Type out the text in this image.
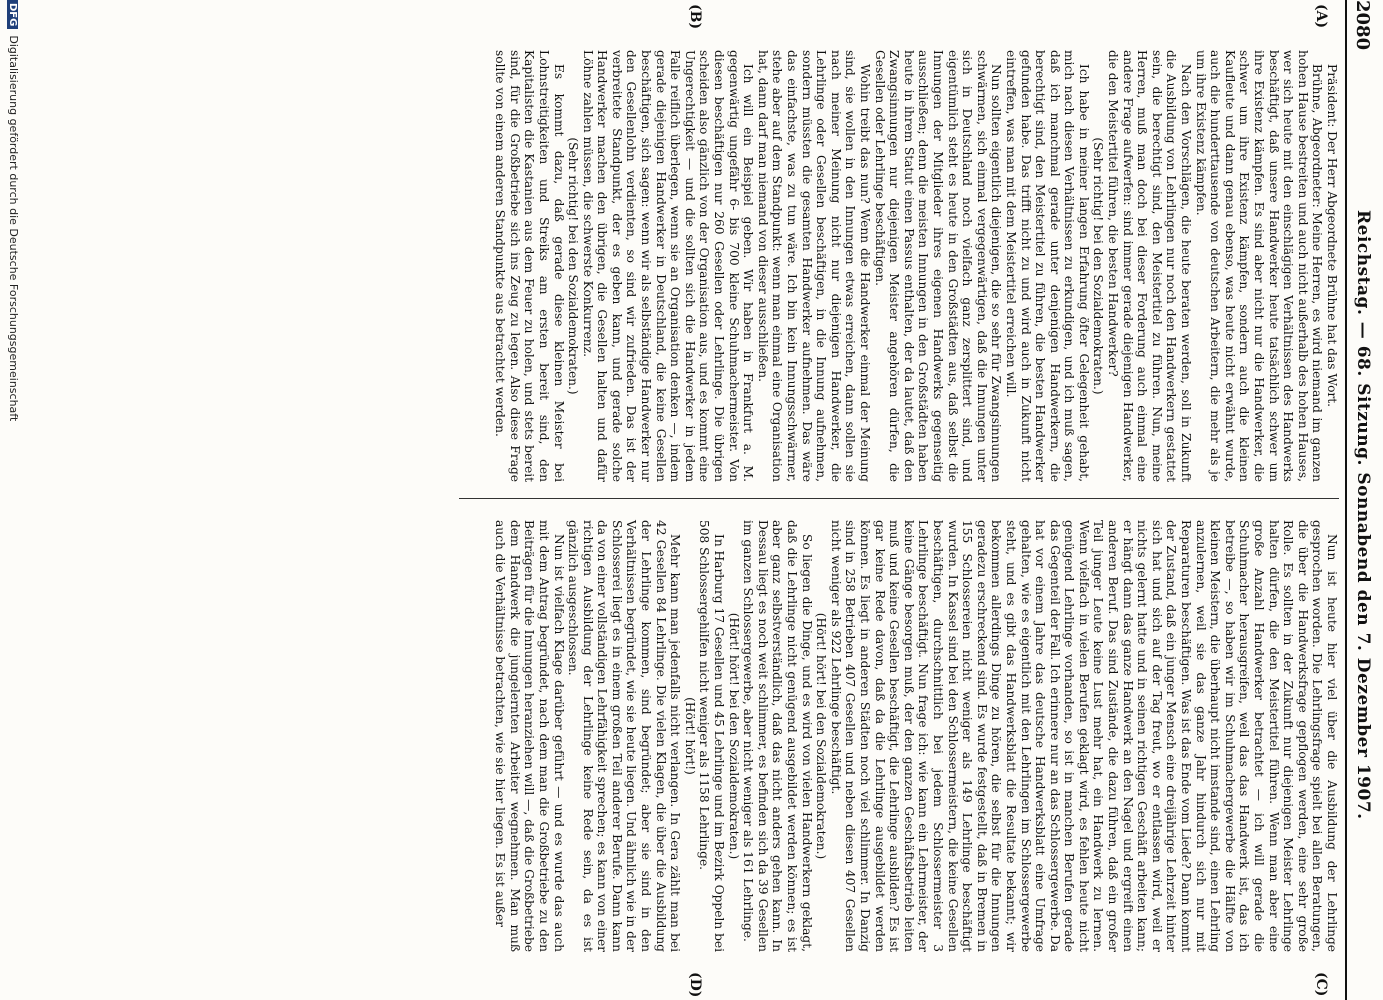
2080
Reichstag. — 68. Sitzung. Sonnabend den 7. Dezember 1907.
(A)
(B)
(C)
(D)

Präsident: Der Herr Abgeordnete Brühne hat das Wort.

Brühne, Abgeordneter: Meine Herren, es wird niemand im ganzen hohen Hause bestreiten und auch nicht außerhalb des hohen Hauses, wer sich heute mit den einschlägigen Verhältnissen des Handwerks beschäftigt, daß unsere Handwerker heute tatsächlich schwer um ihre Existenz kämpfen. Es sind aber nicht nur die Handwerker, die schwer um ihre Existenz kämpfen, sondern auch die kleinen Kaufleute und dann genau ebenso, was heute nicht erwähnt wurde, auch die hunderttausende von deutschen Arbeitern, die mehr als je um ihre Existenz kämpfen.

Nach den Vorschlägen, die heute beraten werden, soll in Zukunft die Ausbildung von Lehrlingen nur noch den Handwerkern gestattet sein, die berechtigt sind, den Meistertitel zu führen. Nun, meine Herren, muß man doch bei dieser Forderung auch einmal eine andere Frage aufwerfen: sind immer gerade diejenigen Handwerker, die den Meistertitel führen, die besten Handwerker?

(Sehr richtig! bei den Sozialdemokraten.)

Ich habe in meiner langen Erfahrung öfter Gelegenheit gehabt, mich nach diesen Verhältnissen zu erkundigen, und ich muß sagen, daß ich manchmal gerade unter denjenigen Handwerkern, die berechtigt sind, den Meistertitel zu führen, die besten Handwerker gefunden habe. Das trifft nicht zu und wird auch in Zukunft nicht eintreffen, was man mit dem Meistertitel erreichen will.

Nun sollten eigentlich diejenigen, die so sehr für Zwangsinnungen schwärmen, sich einmal vergegenwärtigen, daß die Innungen unter sich in Deutschland noch vielfach ganz zersplittert sind, und eigentümlich steht es heute in den Großstädten aus, daß selbst die Innungen der Mitglieder ihres eigenen Handwerks gegenseitig ausschließen; denn die meisten Innungen in den Großstädten haben heute in ihrem Statut einen Passus enthalten, der da lautet, daß den Zwangsinnungen nur diejenigen Meister angehören dürfen, die Gesellen oder Lehrlinge beschäftigen.

Wohin treibt das nun? Wenn die Handwerker einmal der Meinung sind, sie wollen in den Innungen etwas erreichen, dann sollen sie nach meiner Meinung nicht nur diejenigen Handwerker, die Lehrlinge oder Gesellen beschäftigen, in die Innung aufnehmen, sondern müssten die gesamten Handwerker aufnehmen. Das wäre das einfachste, was zu tun wäre. Ich bin kein Innungsschwärmer, stehe aber auf dem Standpunkt: wenn man einmal eine Organisation hat, dann darf man niemand von dieser ausschließen.

Ich will ein Beispiel geben. Wir haben in Frankfurt a. M. gegenwärtig ungefähr 6- bis 700 kleine Schuhmachermeister. Von diesen beschäftigen nur 260 Gesellen oder Lehrlinge. Die übrigen scheiden also gänzlich von der Organisation aus, und es kommt eine Ungerechtigkeit — und die sollten sich die Handwerker in jedem Falle reiflich überlegen, wenn sie an Organisation denken —, indem gerade diejenigen Handwerker in Deutschland, die keine Gesellen beschäftigen, sich sagen: wenn wir als selbständige Handwerker nur den Gesellenlohn verdienten, so sind wir zufrieden. Das ist der verbreitete Standpunkt, der es geben kann, und gerade solche Handwerker machen den übrigen, die Gesellen halten und dafür Löhne zahlen müssen, die schwerste Konkurrenz.

(Sehr richtig! bei den Sozialdemokraten.)

Es kommt dazu, daß gerade diese kleinen Meister bei Lohnstreitigkeiten und Streiks am ersten bereit sind, den Kapitalisten die Kastanien aus dem Feuer zu holen, und stets bereit sind, für die Großbetriebe sich ins Zeug zu legen. Also diese Frage sollte von einem anderen Standpunkte aus betrachtet werden.

Nun ist heute hier viel über die Ausbildung der Lehrlinge gesprochen worden. Die Lehrlingsfrage spielt bei allen Beratungen, die über die Handwerksfrage gepflogen werden, eine sehr große Rolle. Es sollten in der Zukunft nur diejenigen Meister Lehrlinge halten dürfen, die den Meistertitel führen. Wenn man aber eine große Anzahl Handwerker betrachtet — ich will gerade die Schuhmacher herausgreifen, weil das das Handwerk ist, das ich betreibe —, so haben wir im Schuhmachergewerbe die Hälfte von kleinen Meistern, die überhaupt nicht imstande sind, einen Lehrling anzulernen, weil sie das ganze Jahr hindurch sich nur mit Reparaturen beschäftigen. Was ist das Ende vom Liede? Dann kommt der Zustand, daß ein junger Mensch eine dreijährige Lehrzeit hinter sich hat und sich auf der Tag freut, wo er entlassen wird, weil er nichts gelernt hatte und in seinen richtigen Geschäft arbeiten kann; er hängt dann das ganze Handwerk an den Nagel und ergreift einen anderen Beruf. Das sind Zustände, die dazu führen, daß ein großer Teil junger Leute keine Lust mehr hat, ein Handwerk zu lernen. Wenn vielfach in vielen Berufen geklagt wird, es fehlen heute nicht genügend Lehrlinge vorhanden, so ist in manchen Berufen gerade das Gegenteil der Fall. Ich erinnere nur an das Schlossergewerbe. Da hat vor einem Jahre das deutsche Handwerksblatt eine Umfrage gehalten, wie es eigentlich mit den Lehrlingen im Schlossergewerbe steht, und es gibt das Handwerksblatt die Resultate bekannt; wir bekommen allerdings Dinge zu hören, die selbst für die Innungen geradezu erschreckend sind. Es wurde festgestellt, daß in Bremen in 155 Schlossereien nicht weniger als 149 Lehrlinge beschäftigt wurden. In Kassel sind bei den Schlossermeistern, die keine Gesellen beschäftigen, durchschnittlich bei jedem Schlossermeister 3 Lehrlinge beschäftigt. Nun frage ich: wie kann ein Lehrmeister, der keine Gänge besorgen muß, der den ganzen Geschäftsbetrieb leiten muß und keine Gesellen beschäftigt, die Lehrlinge ausbilden? Es ist gar keine Rede davon, daß da die Lehrlinge ausgebildet werden können. Es liegt in anderen Städten noch viel schlimmer. In Danzig sind in 258 Betrieben 407 Gesellen und neben diesen 407 Gesellen nicht weniger als 922 Lehrlinge beschäftigt.

(Hört! hört! bei den Sozialdemokraten.)

So liegen die Dinge, und es wird von vielen Handwerkern geklagt, daß die Lehrlinge nicht genügend ausgebildet werden können; es ist aber ganz selbstverständlich, daß das nicht anders gehen kann. In Dessau liegt es noch weit schlimmer, es befinden sich da 39 Gesellen im ganzen Schlossergewerbe, aber nicht weniger als 161 Lehrlinge.

(Hört! hört! bei den Sozialdemokraten.)

In Harburg 17 Gesellen und 45 Lehrlinge und im Bezirk Oppeln bei 508 Schlossergehilfen nicht weniger als 1158 Lehrlinge.

(Hört! hört!)

Mehr kann man jedenfalls nicht verlangen. In Gera zählt man bei 42 Gesellen 84 Lehrlinge. Die vielen Klagen, die über die Ausbildung der Lehrlinge kommen, sind begründet; aber sie sind in den Verhältnissen begründet, wie sie heute liegen. Und ähnlich wie in der Schlosserei liegt es in einem großen Teil anderer Berufe. Dann kann da von einer vollständigen Lehrfähigkeit sprechen; es kann von einer richtigen Ausbildung der Lehrlinge keine Rede sein, da es ist gänzlich ausgeschlossen.

Nun ist vielfach Klage darüber geführt — und es wurde das auch mit dem Antrag begründet, nach dem man die Großbetriebe zu den Beiträgen für die Innungen heranziehen will —, daß die Großbetriebe dem Handwerk die jungelernten Arbeiter wegnehmen. Man muß auch die Verhältnisse betrachten, wie sie hier liegen. Es ist außer

DFGDigitalisierung gefördert durch die Deutsche Forschungsgemeinschaft
